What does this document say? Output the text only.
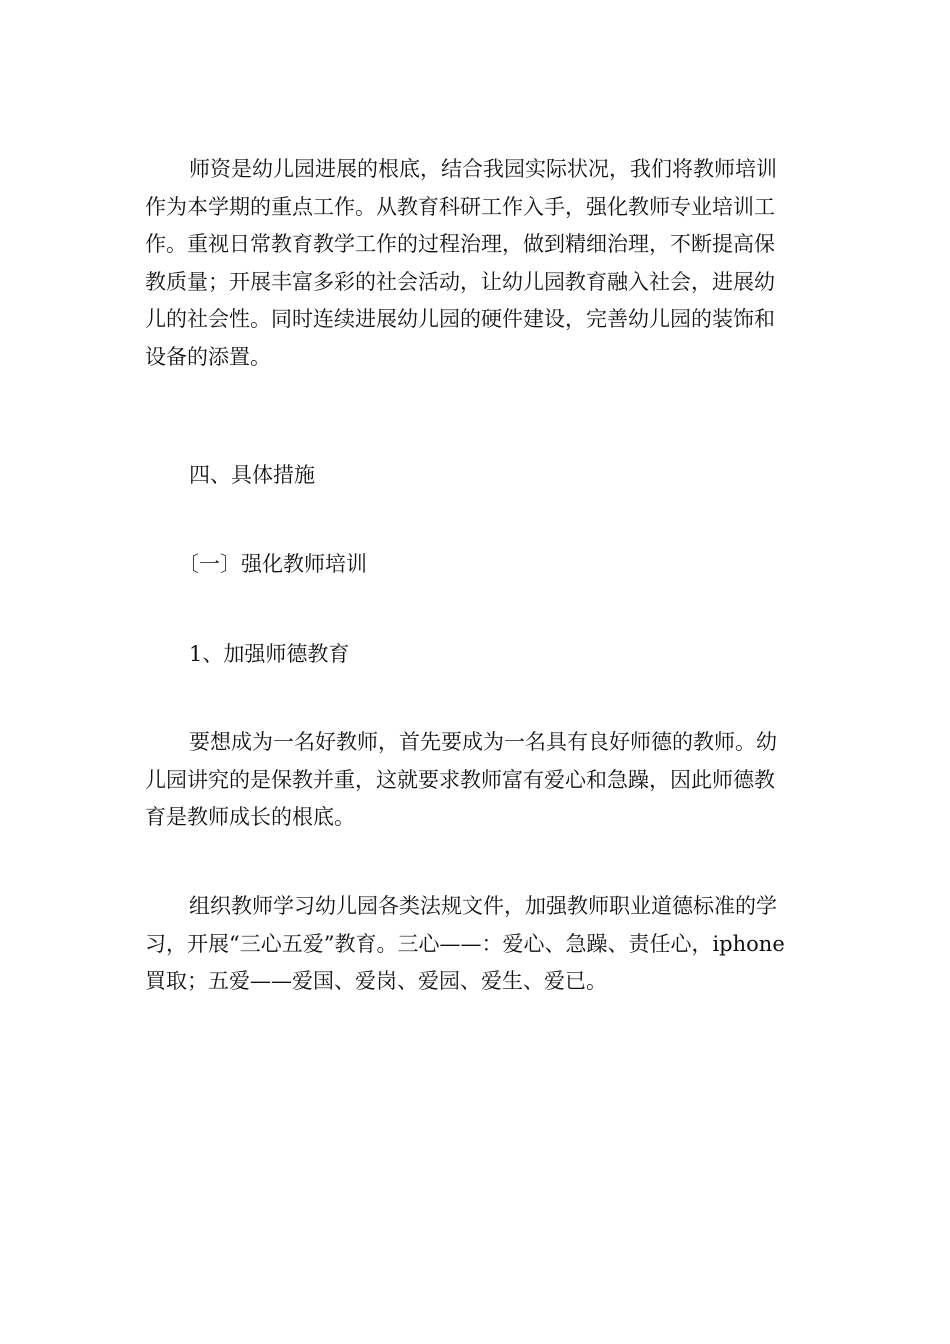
师资是幼儿园进展的根底，结合我园实际状况，我们将教师培训
作为本学期的重点工作。从教育科研工作入手，强化教师专业培训工
作。重视日常教育教学工作的过程治理，做到精细治理，不断提高保
教质量；开展丰富多彩的社会活动，让幼儿园教育融入社会，进展幼
儿的社会性。同时连续进展幼儿园的硬件建设，完善幼儿园的装饰和
设备的添置。
四、具体措施
〔一〕强化教师培训
1、加强师德教育
要想成为一名好教师，首先要成为一名具有良好师德的教师。幼
儿园讲究的是保教并重，这就要求教师富有爱心和急躁，因此师德教
育是教师成长的根底。
组织教师学习幼儿园各类法规文件，加强教师职业道德标准的学
习，开展“三心五爱”教育。三心——：爱心、急躁、责任心，iphone
買取；五爱——爱国、爱岗、爱园、爱生、爱已。
